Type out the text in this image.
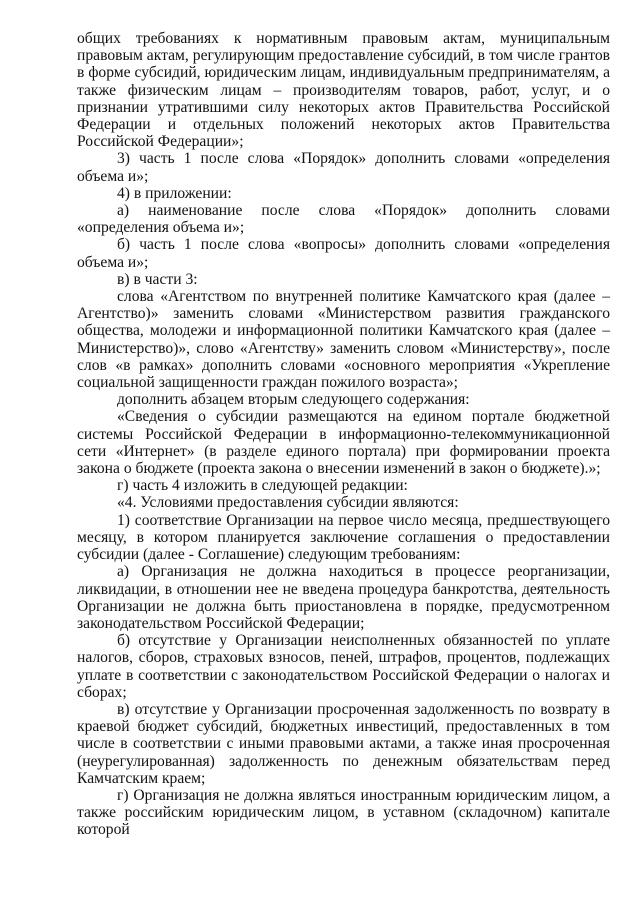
общих требованиях к нормативным правовым актам, муниципальным правовым актам, регулирующим предоставление субсидий, в том числе грантов в форме субсидий, юридическим лицам, индивидуальным предпринимателям, а также физическим лицам – производителям товаров, работ, услуг, и о признании утратившими силу некоторых актов Правительства Российской Федерации и отдельных положений некоторых актов Правительства Российской Федерации»;

3) часть 1 после слова «Порядок» дополнить словами «определения объема и»;

4) в приложении:

а) наименование после слова «Порядок» дополнить словами «определения объема и»;

б) часть 1 после слова «вопросы» дополнить словами «определения объема и»;

в) в части 3:

слова «Агентством по внутренней политике Камчатского края (далее – Агентство)» заменить словами «Министерством развития гражданского общества, молодежи и информационной политики Камчатского края (далее – Министерство)», слово «Агентству» заменить словом «Министерству», после слов «в рамках» дополнить словами «основного мероприятия «Укрепление социальной защищенности граждан пожилого возраста»;

дополнить абзацем вторым следующего содержания:

«Сведения о субсидии размещаются на едином портале бюджетной системы Российской Федерации в информационно-телекоммуникационной сети «Интернет» (в разделе единого портала) при формировании проекта закона о бюджете (проекта закона о внесении изменений в закон о бюджете).»;

г) часть 4 изложить в следующей редакции:

«4. Условиями предоставления субсидии являются:

1) соответствие Организации на первое число месяца, предшествующего месяцу, в котором планируется заключение соглашения о предоставлении субсидии (далее - Соглашение) следующим требованиям:

а) Организация не должна находиться в процессе реорганизации, ликвидации, в отношении нее не введена процедура банкротства, деятельность Организации не должна быть приостановлена в порядке, предусмотренном законодательством Российской Федерации;

б) отсутствие у Организации неисполненных обязанностей по уплате налогов, сборов, страховых взносов, пеней, штрафов, процентов, подлежащих уплате в соответствии с законодательством Российской Федерации о налогах и сборах;

в) отсутствие у Организации просроченная задолженность по возврату в краевой бюджет субсидий, бюджетных инвестиций, предоставленных в том числе в соответствии с иными правовыми актами, а также иная просроченная (неурегулированная) задолженность по денежным обязательствам перед Камчатским краем;

г) Организация не должна являться иностранным юридическим лицом, а также российским юридическим лицом, в уставном (складочном) капитале которой
